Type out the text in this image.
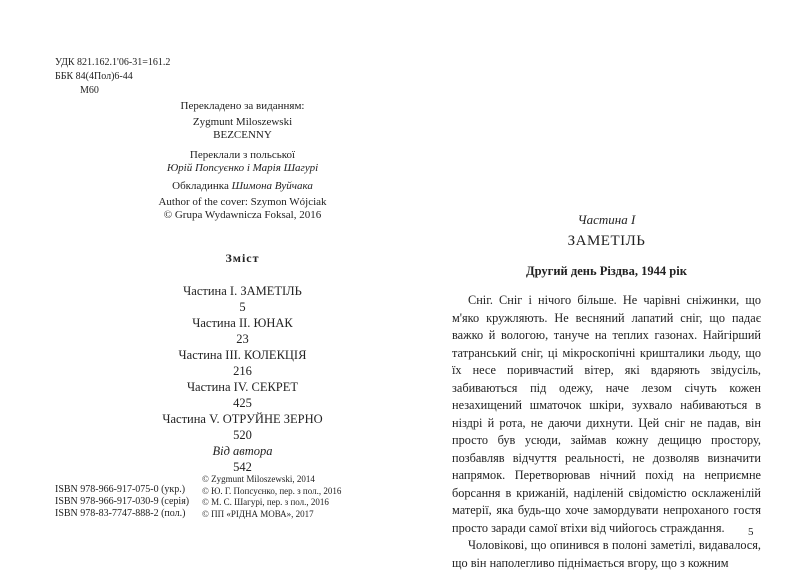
УДК 821.162.1'06-31=161.2
ББК 84(4Пол)6-44
М60
Перекладено за виданням:
Zygmunt Miloszewski
BEZCENNY
Переклали з польської
Юрій Попсуєнко і Марія Шагурі
Обкладинка Шимона Вуйчака
Author of the cover: Szymon Wójciak
© Grupa Wydawnicza Foksal, 2016
Зміст
Частина І. ЗАМЕТІЛЬ
5
Частина ІІ. ЮНАК
23
Частина ІІІ. КОЛЕКЦІЯ
216
Частина IV. СЕКРЕТ
425
Частина V. ОТРУЙНЕ ЗЕРНО
520
Від автора
542
ISBN 978-966-917-075-0 (укр.)
ISBN 978-966-917-030-9 (серія)
ISBN 978-83-7747-888-2 (пол.)
© Zygmunt Miloszewski, 2014
© Ю. Г. Попсуєнко, пер. з пол., 2016
© М. С. Шагурі, пер. з пол., 2016
© ПП «РІДНА МОВА», 2017
Частина І
ЗАМЕТІЛЬ
Другий день Різдва, 1944 рік

Сніг. Сніг і нічого більше. Не чарівні сніжинки, що м'яко кружляють. Не весняний лапатий сніг, що падає важко й вологою, тануче на теплих газонах. Найгірший татранський сніг, ці мікроскопічні кришталики льоду, що їх несе поривчастий вітер, які вдаряють звідусіль, забиваються під одежу, наче лезом січуть кожен незахищений шматочок шкіри, зухвало набиваються в ніздрі й рота, не даючи дихнути. Цей сніг не падав, він просто був усюди, займав кожну дещицю простору, позбавляв відчуття реальності, не дозволяв визначити напрямок. Перетворював нічний похід на неприємне борсання в крижаній, наділеній свідомістю осклаженілій матерії, яка будь-що хоче замордувати непроханого гостя просто заради самої втіхи від чийогось страждання.

Чоловікові, що опинився в полоні заметілі, видавалося, що він наполегливо піднімається вгору, що з кожним

5
